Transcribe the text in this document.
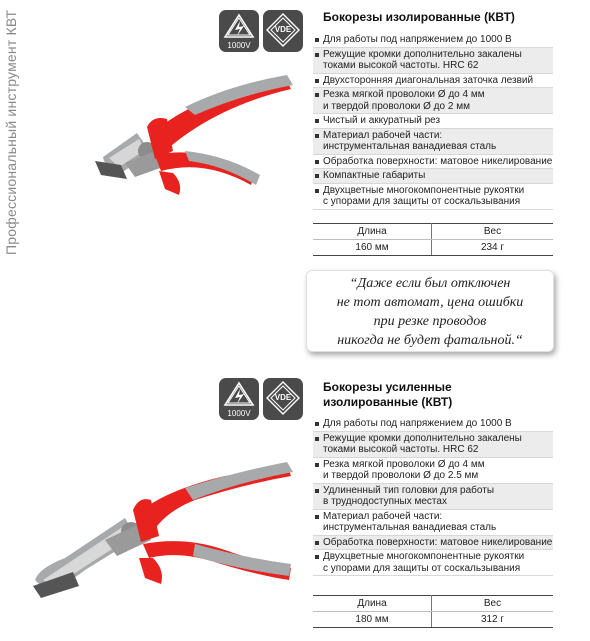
Профессиональный инструмент КВТ	1000V
VDE
Бокорезы изолированные (КВТ)
Для работы под напряжением до 1000 В
Режущие кромки дополнительно закалены
токами высокой частоты. HRC 62
Двухсторонняя диагональная заточка лезвий
Резка мягкой проволоки Ø до 4 мм
и твердой проволоки Ø до 2 мм
Чистый и аккуратный рез
Материал рабочей части:
инструментальная ванадиевая сталь
Обработка поверхности: матовое никелирование
Компактные габариты
Двухцветные многокомпонентные рукоятки
с упорами для защиты от соскальзывания
Длина	Вес
160 мм	234 г
“Даже если был отключен
не тот автомат, цена ошибки
при резке проводов
никогда не будет фатальной.“
1000V
VDE
Бокорезы усиленные
изолированные (КВТ)
Для работы под напряжением до 1000 В
Режущие кромки дополнительно закалены
токами высокой частоты. HRC 62
Резка мягкой проволоки Ø до 4 мм
и твердой проволоки Ø до 2.5 мм
Удлиненный тип головки для работы
в труднодоступных местах
Материал рабочей части:
инструментальная ванадиевая сталь
Обработка поверхности: матовое никелирование
Двухцветные многокомпонентные рукоятки
с упорами для защиты от соскальзывания
Длина	Вес
180 мм	312 г
